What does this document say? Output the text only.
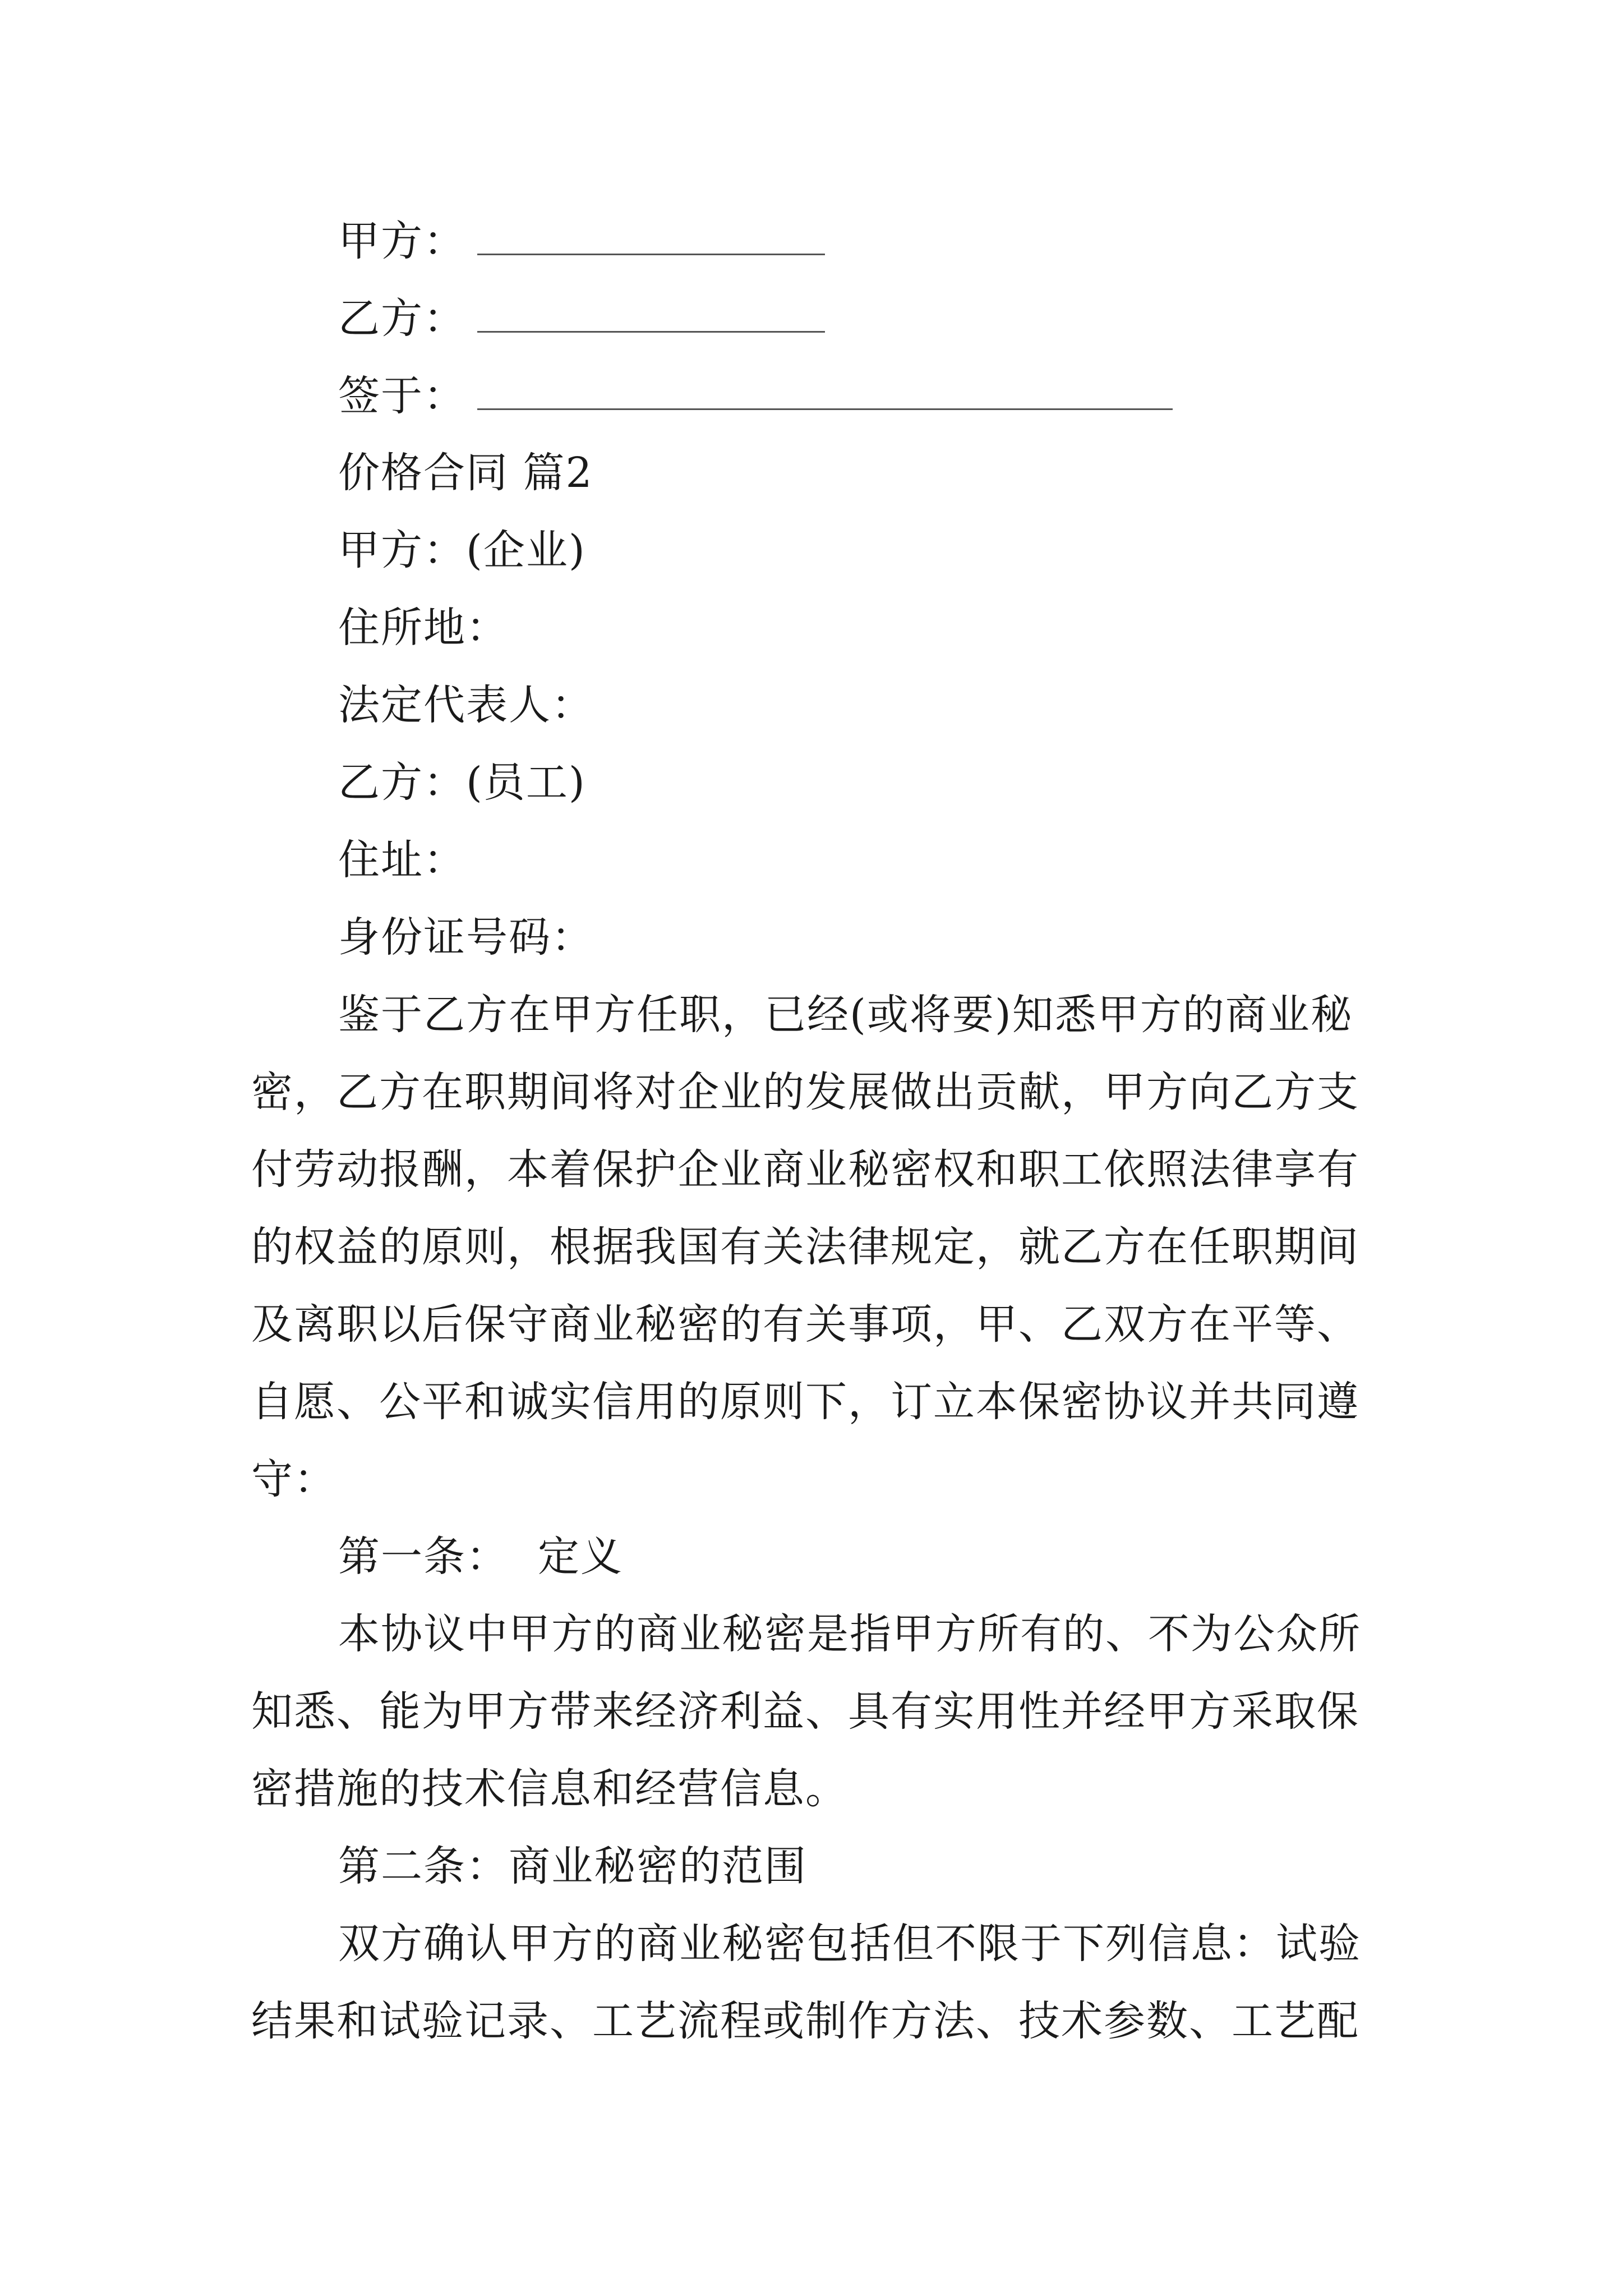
甲方：
乙方：
签于：
价格合同 篇2
甲方：(企业)
住所地：
法定代表人：
乙方：(员工)
住址：
身份证号码：
鉴于乙方在甲方任职，已经(或将要)知悉甲方的商业秘
密，乙方在职期间将对企业的发展做出贡献，甲方向乙方支
付劳动报酬，本着保护企业商业秘密权和职工依照法律享有
的权益的原则，根据我国有关法律规定，就乙方在任职期间
及离职以后保守商业秘密的有关事项，甲、乙双方在平等、
自愿、公平和诚实信用的原则下，订立本保密协议并共同遵
守：
第一条： 定义
本协议中甲方的商业秘密是指甲方所有的、不为公众所
知悉、能为甲方带来经济利益、具有实用性并经甲方采取保
密措施的技术信息和经营信息。
第二条：商业秘密的范围
双方确认甲方的商业秘密包括但不限于下列信息：试验
结果和试验记录、工艺流程或制作方法、技术参数、工艺配
